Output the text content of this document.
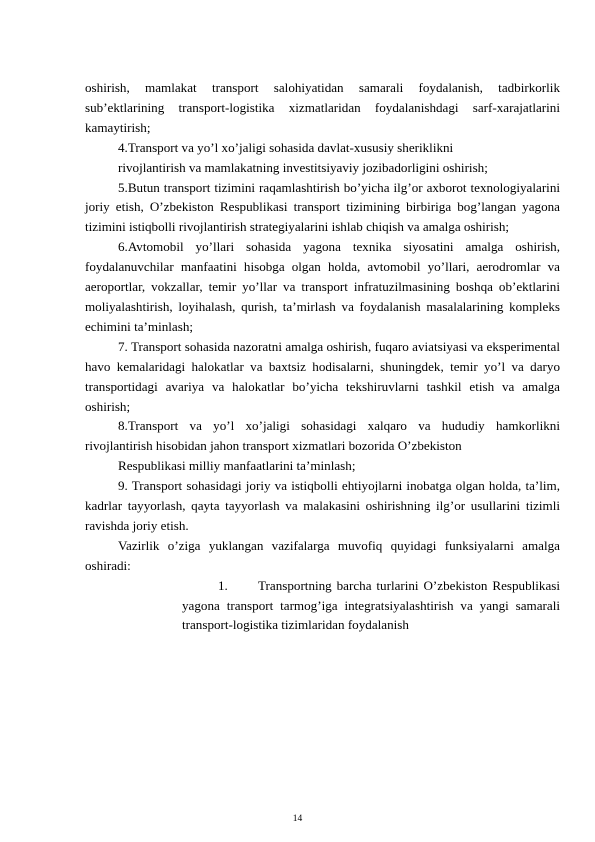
oshirish, mamlakat transport salohiyatidan samarali foydalanish, tadbirkorlik sub’ektlarining transport-logistika xizmatlaridan foydalanishdagi sarf-xarajatlarini kamaytirish;

4.Transport va yo’l xo’jaligi sohasida davlat-xususiy sheriklikni

rivojlantirish va mamlakatning investitsiyaviy jozibadorligini oshirish;

5.Butun transport tizimini raqamlashtirish bo’yicha ilg’or axborot texnologiyalarini joriy etish, O’zbekiston Respublikasi transport tizimining birbiriga bog’langan yagona tizimini istiqbolli rivojlantirish strategiyalarini ishlab chiqish va amalga oshirish;

6.Avtomobil yo’llari sohasida yagona texnika siyosatini amalga oshirish, foydalanuvchilar manfaatini hisobga olgan holda, avtomobil yo’llari, aerodromlar va aeroportlar, vokzallar, temir yo’llar va transport infratuzilmasining boshqa ob’ektlarini moliyalashtirish, loyihalash, qurish, ta’mirlash va foydalanish masalalarining kompleks echimini ta’minlash;

7. Transport sohasida nazoratni amalga oshirish, fuqaro aviatsiyasi va eksperimental havo kemalaridagi halokatlar va baxtsiz hodisalarni, shuningdek, temir yo’l va daryo transportidagi avariya va halokatlar bo’yicha tekshiruvlarni tashkil etish va amalga oshirish;

8.Transport va yo’l xo’jaligi sohasidagi xalqaro va hududiy hamkorlikni rivojlantirish hisobidan jahon transport xizmatlari bozorida O’zbekiston

Respublikasi milliy manfaatlarini ta’minlash;

9. Transport sohasidagi joriy va istiqbolli ehtiyojlarni inobatga olgan holda, ta’lim, kadrlar tayyorlash, qayta tayyorlash va malakasini oshirishning ilg’or usullarini tizimli ravishda joriy etish.

Vazirlik o’ziga yuklangan vazifalarga muvofiq quyidagi funksiyalarni amalga oshiradi:

1.	Transportning barcha turlarini O’zbekiston Respublikasi yagona transport tarmog’iga integratsiyalashtirish va yangi samarali transport-logistika tizimlaridan foydalanish

14
